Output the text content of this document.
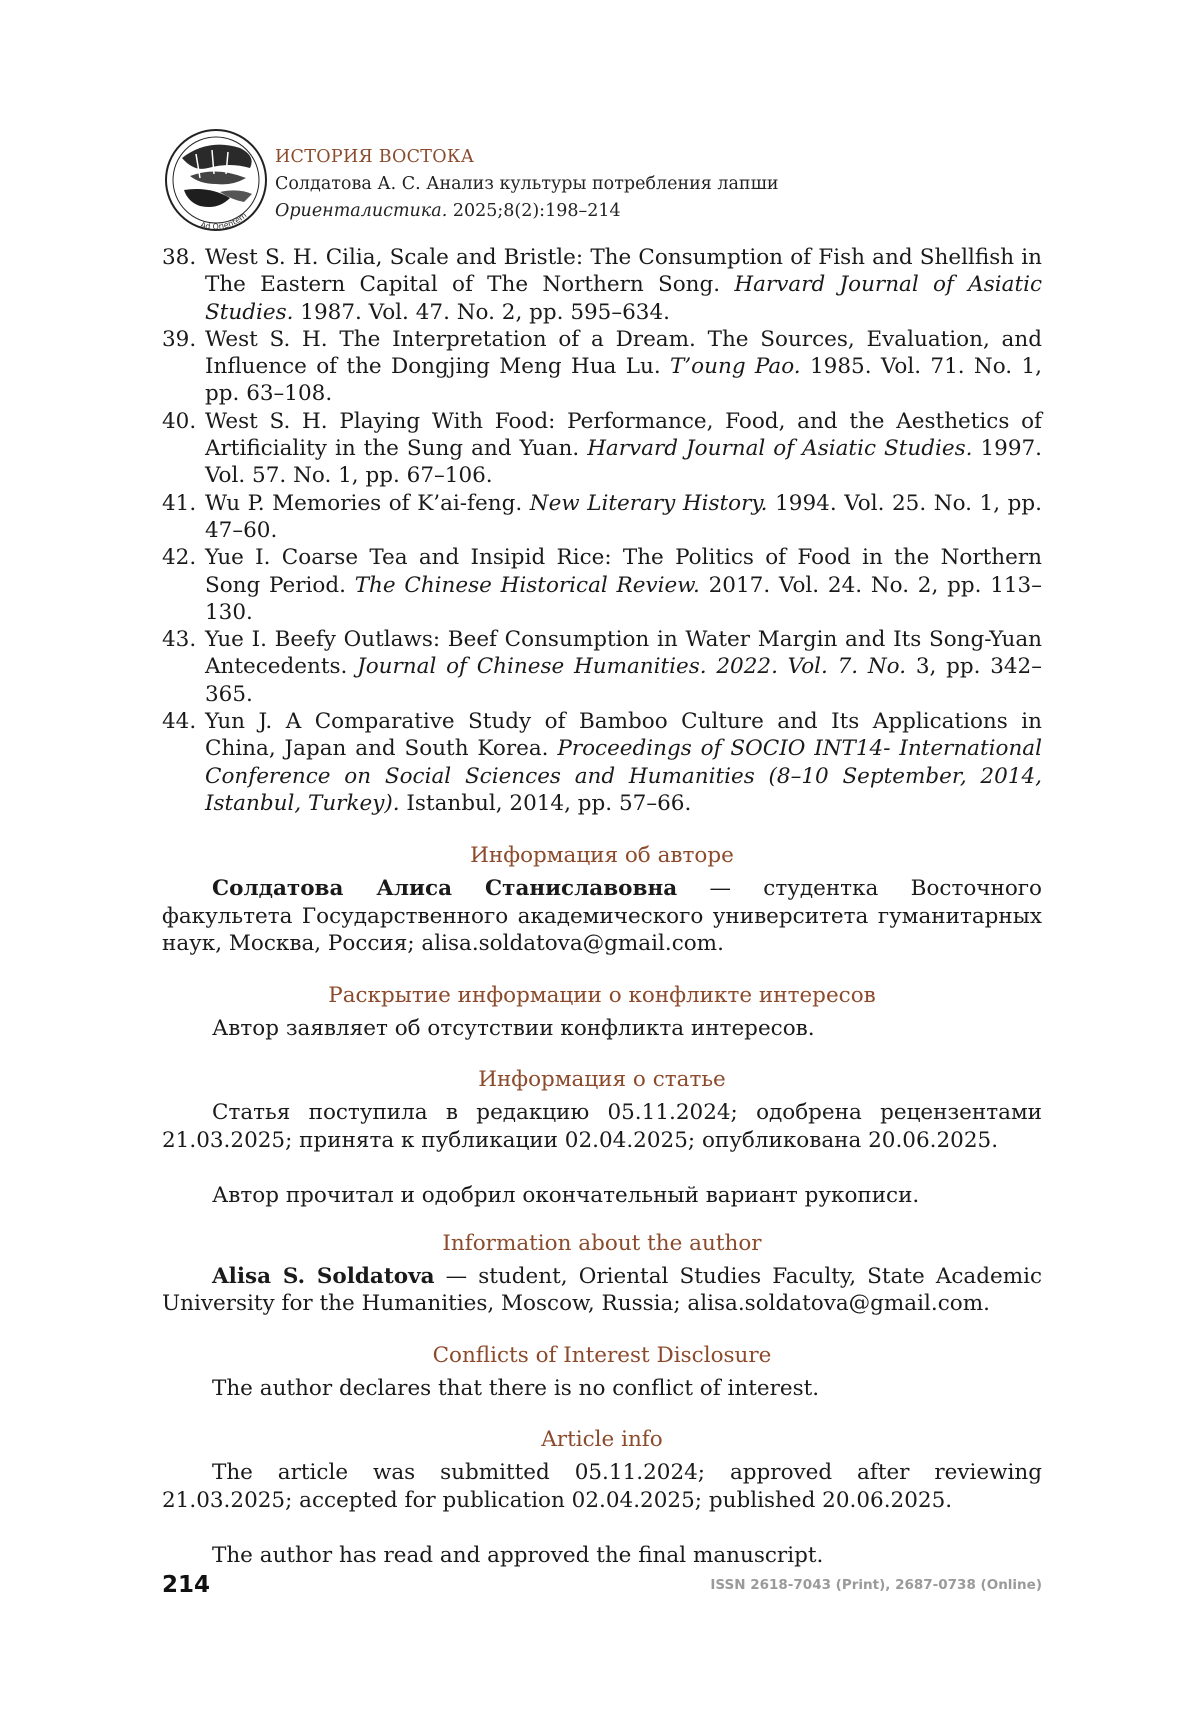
Ad Orientem
ИСТОРИЯ ВОСТОКА
Солдатова А. С. Анализ культуры потребления лапши
Ориенталистика. 2025;8(2):198–214
38. West S. H. Cilia, Scale and Bristle: The Consumption of Fish and Shellfish in The Eastern Capital of The Northern Song. Harvard Journal of Asiatic Studies. 1987. Vol. 47. No. 2, pp. 595–634.
39. West S. H. The Interpretation of a Dream. The Sources, Evaluation, and Influence of the Dongjing Meng Hua Lu. T’oung Pao. 1985. Vol. 71. No. 1, pp. 63–108.
40. West S. H. Playing With Food: Performance, Food, and the Aesthetics of Artificiality in the Sung and Yuan. Harvard Journal of Asiatic Studies. 1997. Vol. 57. No. 1, pp. 67–106.
41. Wu P. Memories of K’ai-feng. New Literary History. 1994. Vol. 25. No. 1, pp. 47–60.
42. Yue I. Coarse Tea and Insipid Rice: The Politics of Food in the Northern Song Period. The Chinese Historical Review. 2017. Vol. 24. No. 2, pp. 113–130.
43. Yue I. Beefy Outlaws: Beef Consumption in Water Margin and Its Song-Yuan Antecedents. Journal of Chinese Humanities. 2022. Vol. 7. No. 3, pp. 342–365.
44. Yun J. A Comparative Study of Bamboo Culture and Its Applications in China, Japan and South Korea. Proceedings of SOCIO INT14- International Conference on Social Sciences and Humanities (8–10 September, 2014, Istanbul, Turkey). Istanbul, 2014, pp. 57–66.
Информация об авторе
Солдатова Алиса Станиславовна — студентка Восточного факультета Государственного академического университета гуманитарных наук, Москва, Россия; alisa.soldatova@gmail.com.
Раскрытие информации о конфликте интересов
Автор заявляет об отсутствии конфликта интересов.
Информация о статье
Статья поступила в редакцию 05.11.2024; одобрена рецензентами 21.03.2025; принята к публикации 02.04.2025; опубликована 20.06.2025.
Автор прочитал и одобрил окончательный вариант рукописи.
Information about the author
Alisa S. Soldatova — student, Oriental Studies Faculty, State Academic University for the Humanities, Moscow, Russia; alisa.soldatova@gmail.com.
Conflicts of Interest Disclosure
The author declares that there is no conflict of interest.
Article info
The article was submitted 05.11.2024; approved after reviewing 21.03.2025; accepted for publication 02.04.2025; published 20.06.2025.
The author has read and approved the final manuscript.
214	ISSN 2618-7043 (Print), 2687-0738 (Online)
